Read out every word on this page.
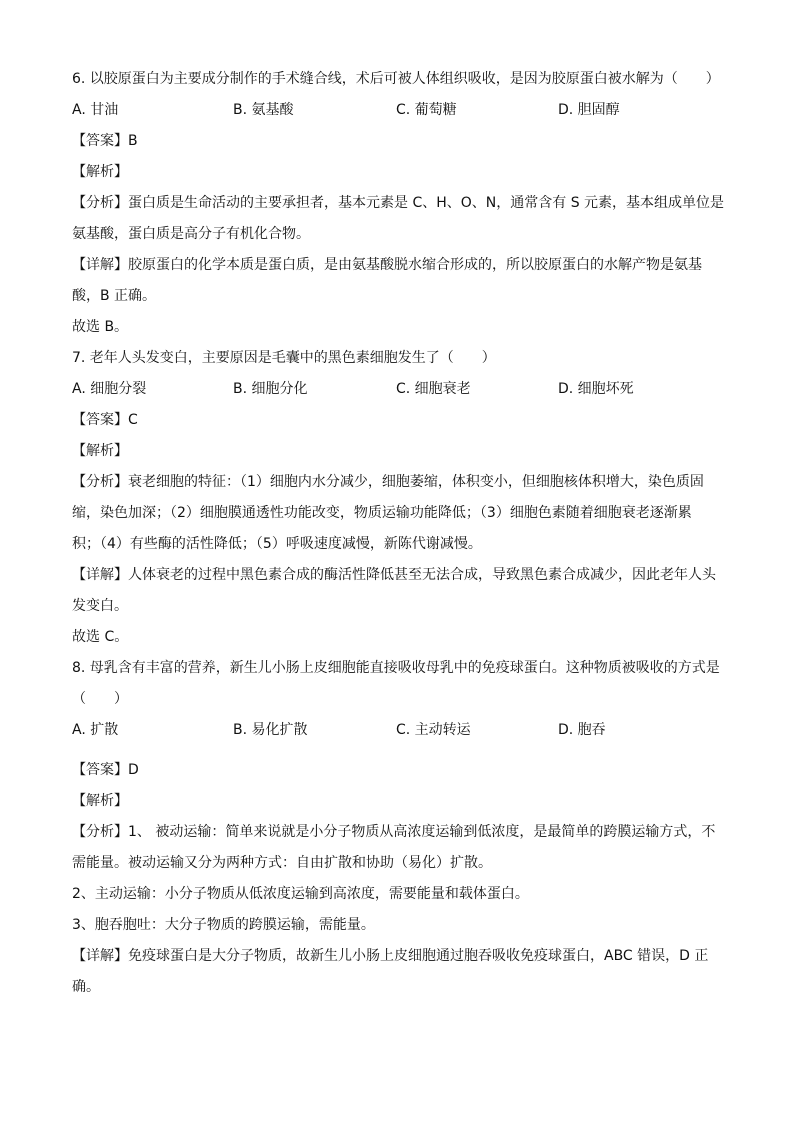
6. 以胶原蛋白为主要成分制作的手术缝合线，术后可被人体组织吸收，是因为胶原蛋白被水解为（　　）
A. 甘油	B. 氨基酸	C. 葡萄糖	D. 胆固醇
【答案】B
【解析】
【分析】蛋白质是生命活动的主要承担者，基本元素是 C、H、O、N，通常含有 S 元素，基本组成单位是
氨基酸，蛋白质是高分子有机化合物。
【详解】胶原蛋白的化学本质是蛋白质，是由氨基酸脱水缩合形成的，所以胶原蛋白的水解产物是氨基
酸，B 正确。
故选 B。
7. 老年人头发变白，主要原因是毛囊中的黑色素细胞发生了（　　）
A. 细胞分裂	B. 细胞分化	C. 细胞衰老	D. 细胞坏死
【答案】C
【解析】
【分析】衰老细胞的特征：（1）细胞内水分减少，细胞萎缩，体积变小，但细胞核体积增大，染色质固
缩，染色加深；（2）细胞膜通透性功能改变，物质运输功能降低；（3）细胞色素随着细胞衰老逐渐累
积；（4）有些酶的活性降低；（5）呼吸速度减慢，新陈代谢减慢。
【详解】人体衰老的过程中黑色素合成的酶活性降低甚至无法合成，导致黑色素合成减少，因此老年人头
发变白。
故选 C。
8. 母乳含有丰富的营养，新生儿小肠上皮细胞能直接吸收母乳中的免疫球蛋白。这种物质被吸收的方式是
（　　）
A. 扩散	B. 易化扩散	C. 主动转运	D. 胞吞
【答案】D
【解析】
【分析】1、 被动运输：简单来说就是小分子物质从高浓度运输到低浓度，是最简单的跨膜运输方式，不
需能量。被动运输又分为两种方式：自由扩散和协助（易化）扩散。
2、主动运输：小分子物质从低浓度运输到高浓度，需要能量和载体蛋白。
3、胞吞胞吐：大分子物质的跨膜运输，需能量。
【详解】免疫球蛋白是大分子物质，故新生儿小肠上皮细胞通过胞吞吸收免疫球蛋白，ABC 错误，D 正
确。
